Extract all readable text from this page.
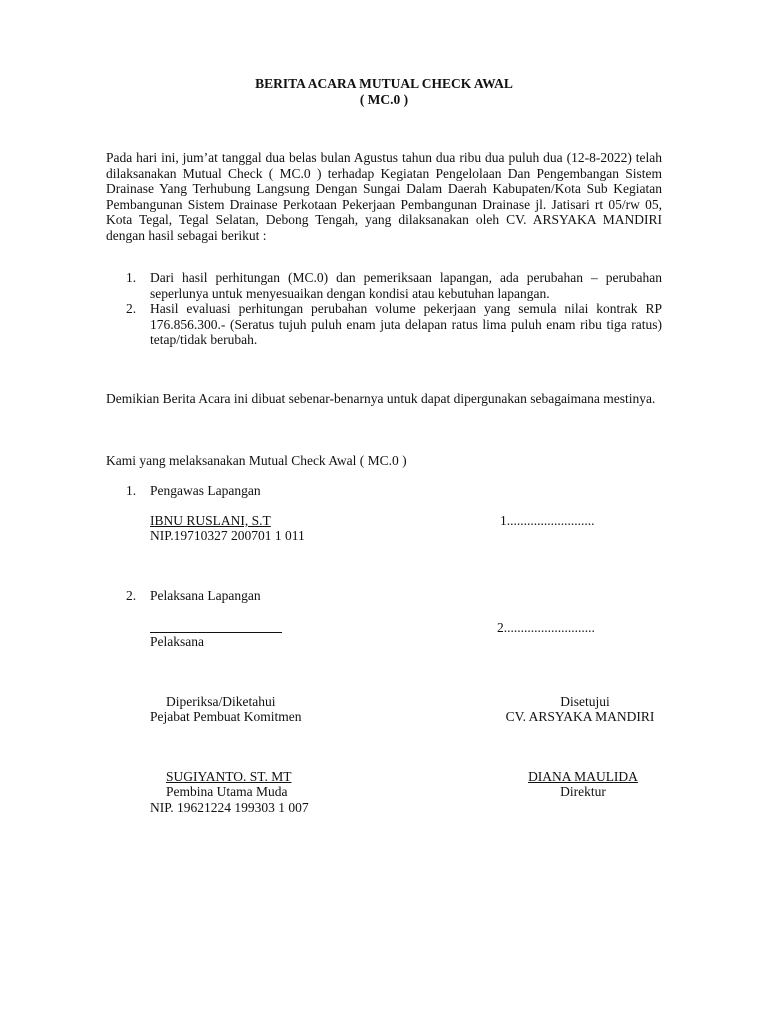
BERITA ACARA MUTUAL CHECK AWAL
( MC.0 )
Pada hari ini, jum’at tanggal dua belas bulan Agustus tahun dua ribu dua puluh dua (12-8-2022) telah dilaksanakan Mutual Check ( MC.0 ) terhadap Kegiatan Pengelolaan Dan Pengembangan Sistem Drainase Yang Terhubung Langsung Dengan Sungai Dalam Daerah Kabupaten/Kota Sub Kegiatan Pembangunan Sistem Drainase Perkotaan Pekerjaan Pembangunan Drainase jl. Jatisari rt 05/rw 05, Kota Tegal, Tegal Selatan, Debong Tengah, yang dilaksanakan oleh CV. ARSYAKA MANDIRI dengan hasil sebagai berikut :
1. Dari hasil perhitungan (MC.0) dan pemeriksaan lapangan, ada perubahan – perubahan seperlunya untuk menyesuaikan dengan kondisi atau kebutuhan lapangan.
2. Hasil evaluasi perhitungan perubahan volume pekerjaan yang semula nilai kontrak RP 176.856.300.- (Seratus tujuh puluh enam juta delapan ratus lima puluh enam ribu tiga ratus) tetap/tidak berubah.
Demikian Berita Acara ini dibuat sebenar-benarnya untuk dapat dipergunakan sebagaimana mestinya.
Kami yang melaksanakan Mutual Check Awal ( MC.0 )
1. Pengawas Lapangan
IBNU RUSLANI, S.T
NIP.19710327 200701 1 011
1..........................
2. Pelaksana Lapangan
Pelaksana
2...........................
Diperiksa/Diketahui
Pejabat Pembuat Komitmen
SUGIYANTO. ST. MT
Pembina Utama Muda
NIP. 19621224 199303 1 007
Disetujui
CV. ARSYAKA MANDIRI
DIANA MAULIDA
Direktur
